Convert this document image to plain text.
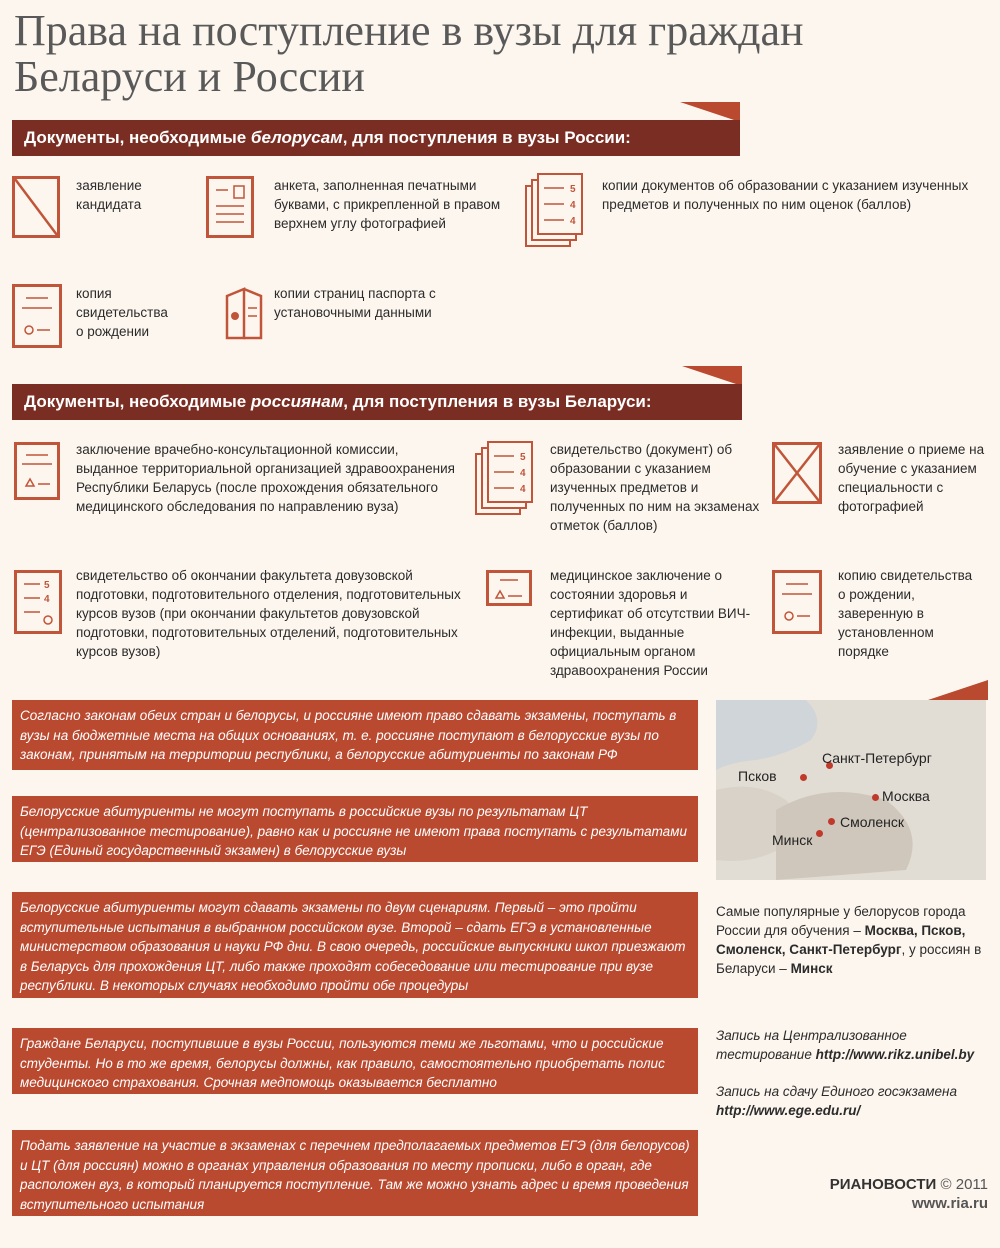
Права на поступление в вузы для граждан
Беларуси и России
Документы, необходимые белорусам, для поступления в вузы России:
заявление кандидата
анкета, заполненная печатными буквами, с прикрепленной в правом верхнем углу фотографией
5
4
4
копии документов об образовании с указанием изученных предметов и полученных по ним оценок (баллов)
копия свидетельства о рождении
копии страниц паспорта с установочными данными
Документы, необходимые россиянам, для поступления в вузы Беларуси:
заключение врачебно-консультационной комиссии, выданное территориальной организацией здравоохранения Республики Беларусь (после прохождения обязательного медицинского обследования по направлению вуза)
5
4
4
свидетельство (документ) об образовании с указанием изученных предметов и полученных по ним на экзаменах отметок (баллов)
заявление о приеме на обучение с указанием специальности с фотографией
5
4
свидетельство об окончании факультета довузовской подготовки, подготовительного отделения, подготовительных курсов вузов (при окончании факультетов довузовской подготовки, подготовительных отделений, подготовительных курсов вузов)
медицинское заключение о состоянии здоровья и сертификат об отсутствии ВИЧ-инфекции, выданные официальным органом здравоохранения России
копию свидетельства о рождении, заверенную в установленном порядке
Согласно законам обеих стран и белорусы, и россияне имеют право сдавать экзамены, поступать в вузы на бюджетные места на общих основаниях, т. е. россияне поступают в белорусские вузы по законам, принятым на территории республики, а белорусские абитуриенты по законам РФ
Белорусские абитуриенты не могут поступать в российские вузы по результатам ЦТ (централизованное тестирование), равно как и россияне не имеют права поступать с результатами ЕГЭ (Единый государственный экзамен) в белорусские вузы
Белорусские абитуриенты могут сдавать экзамены по двум сценариям. Первый – это пройти вступительные испытания в выбранном российском вузе. Второй – сдать ЕГЭ в установленные министерством образования и науки РФ дни. В свою очередь, российские выпускники школ приезжают в Беларусь для прохождения ЦТ, либо также проходят собеседование или тестирование при вузе республики. В некоторых случаях необходимо пройти обе процедуры
Граждане Беларуси, поступившие в вузы России, пользуются теми же льготами, что и российские студенты. Но в то же время, белорусы должны, как правило, самостоятельно приобретать полис медицинского страхования. Срочная медпомощь оказывается бесплатно
Подать заявление на участие в экзаменах с перечнем предполагаемых предметов ЕГЭ (для белорусов) и ЦТ (для россиян) можно в органах управления образования по месту прописки, либо в орган, где расположен вуз, в который планируется поступление. Там же можно узнать адрес и время проведения вступительного испытания
Санкт-Петербург
Псков
Москва
Смоленск
Минск
Самые популярные у белорусов города России для обучения – Москва, Псков, Смоленск, Санкт-Петербург, у россиян в Беларуси – Минск
Запись на Централизованное тестирование http://www.rikz.unibel.by
Запись на сдачу Единого госэкзамена
http://www.ege.edu.ru/
РИАНОВОСТИ © 2011
www.ria.ru
